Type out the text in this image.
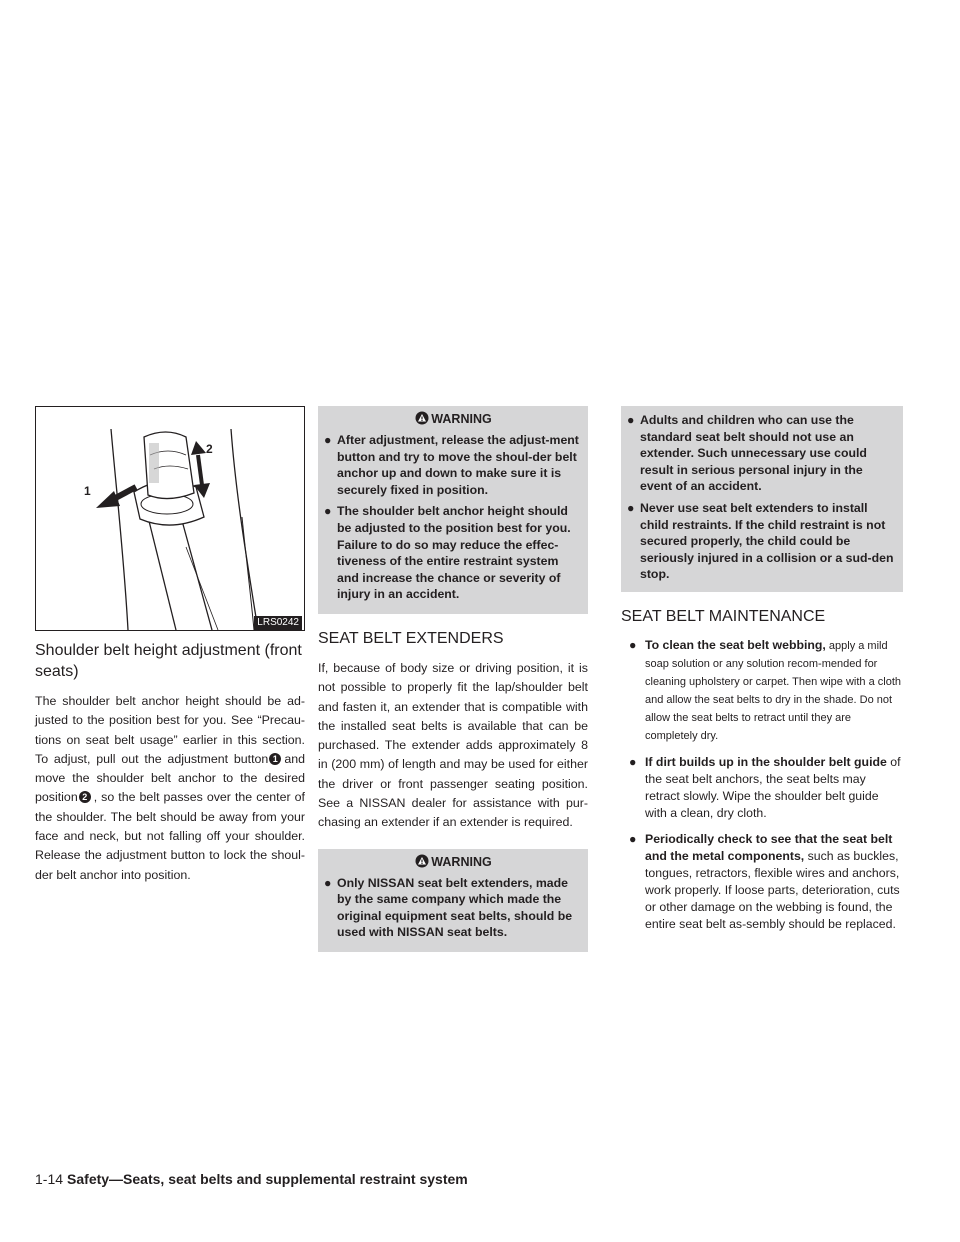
1
2
LRS0242
Shoulder belt height adjustment (front seats)

The shoulder belt anchor height should be ad-justed to the position best for you. See “Precau-tions on seat belt usage” earlier in this section. To adjust, pull out the adjustment button 1 and move the shoulder belt anchor to the desired position 2 , so the belt passes over the center of the shoulder. The belt should be away from your face and neck, but not falling off your shoulder. Release the adjustment button to lock the shoul-der belt anchor into position.

WARNING
● After adjustment, release the adjust-ment button and try to move the shoul-der belt anchor up and down to make sure it is securely fixed in position.
● The shoulder belt anchor height should be adjusted to the position best for you. Failure to do so may reduce the effec-tiveness of the entire restraint system and increase the chance or severity of injury in an accident.
SEAT BELT EXTENDERS

If, because of body size or driving position, it is not possible to properly fit the lap/shoulder belt and fasten it, an extender that is compatible with the installed seat belts is available that can be purchased. The extender adds approximately 8 in (200 mm) of length and may be used for either the driver or front passenger seating position. See a NISSAN dealer for assistance with pur-chasing an extender if an extender is required.

WARNING
● Only NISSAN seat belt extenders, made by the same company which made the original equipment seat belts, should be used with NISSAN seat belts.
● Adults and children who can use the standard seat belt should not use an extender. Such unnecessary use could result in serious personal injury in the event of an accident.
● Never use seat belt extenders to install child restraints. If the child restraint is not secured properly, the child could be seriously injured in a collision or a sud-den stop.
SEAT BELT MAINTENANCE
● To clean the seat belt webbing, apply a mild soap solution or any solution recom-mended for cleaning upholstery or carpet. Then wipe with a cloth and allow the seat belts to dry in the shade. Do not allow the seat belts to retract until they are completely dry.
● If dirt builds up in the shoulder belt guide of the seat belt anchors, the seat belts may retract slowly. Wipe the shoulder belt guide with a clean, dry cloth.
● Periodically check to see that the seat belt and the metal components, such as buckles, tongues, retractors, flexible wires and anchors, work properly. If loose parts, deterioration, cuts or other damage on the webbing is found, the entire seat belt as-sembly should be replaced.
1-14 Safety—Seats, seat belts and supplemental restraint system
